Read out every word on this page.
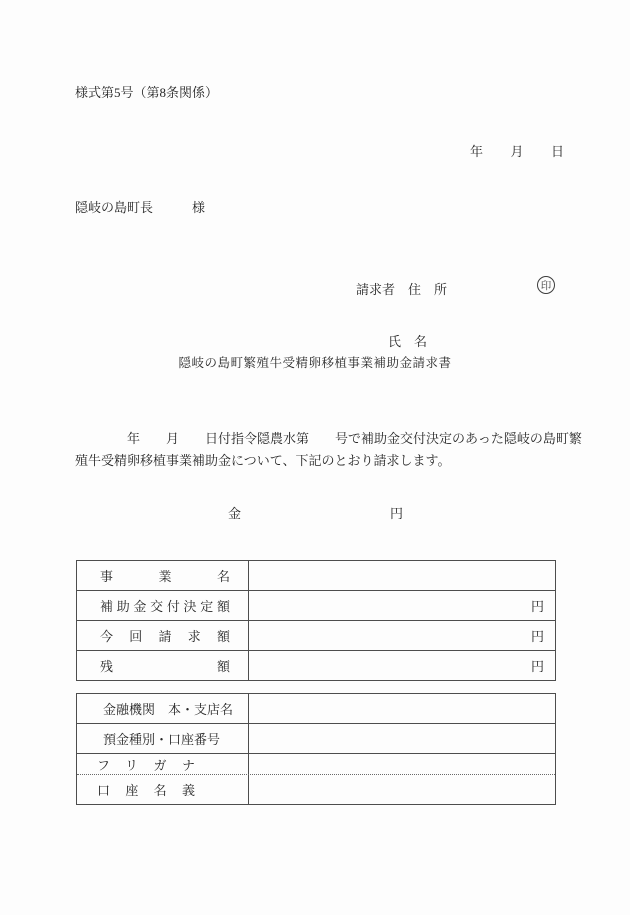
様式第5号（第8条関係）
年　　月　　日
隠岐の島町長　　　様

請求者　住　所

氏　名

印
隠岐の島町繁殖牛受精卵移植事業補助金請求書
　　　　年　　月　　日付指令隠農水第　　号で補助金交付決定のあった隠岐の島町繁
殖牛受精卵移植事業補助金について、下記のとおり請求します。
金	円
事業名
補助金交付決定額	円
今回請求額	円
残額	円
金融機関　本・支店名
預金種別・口座番号
フリガナ
口座名義
